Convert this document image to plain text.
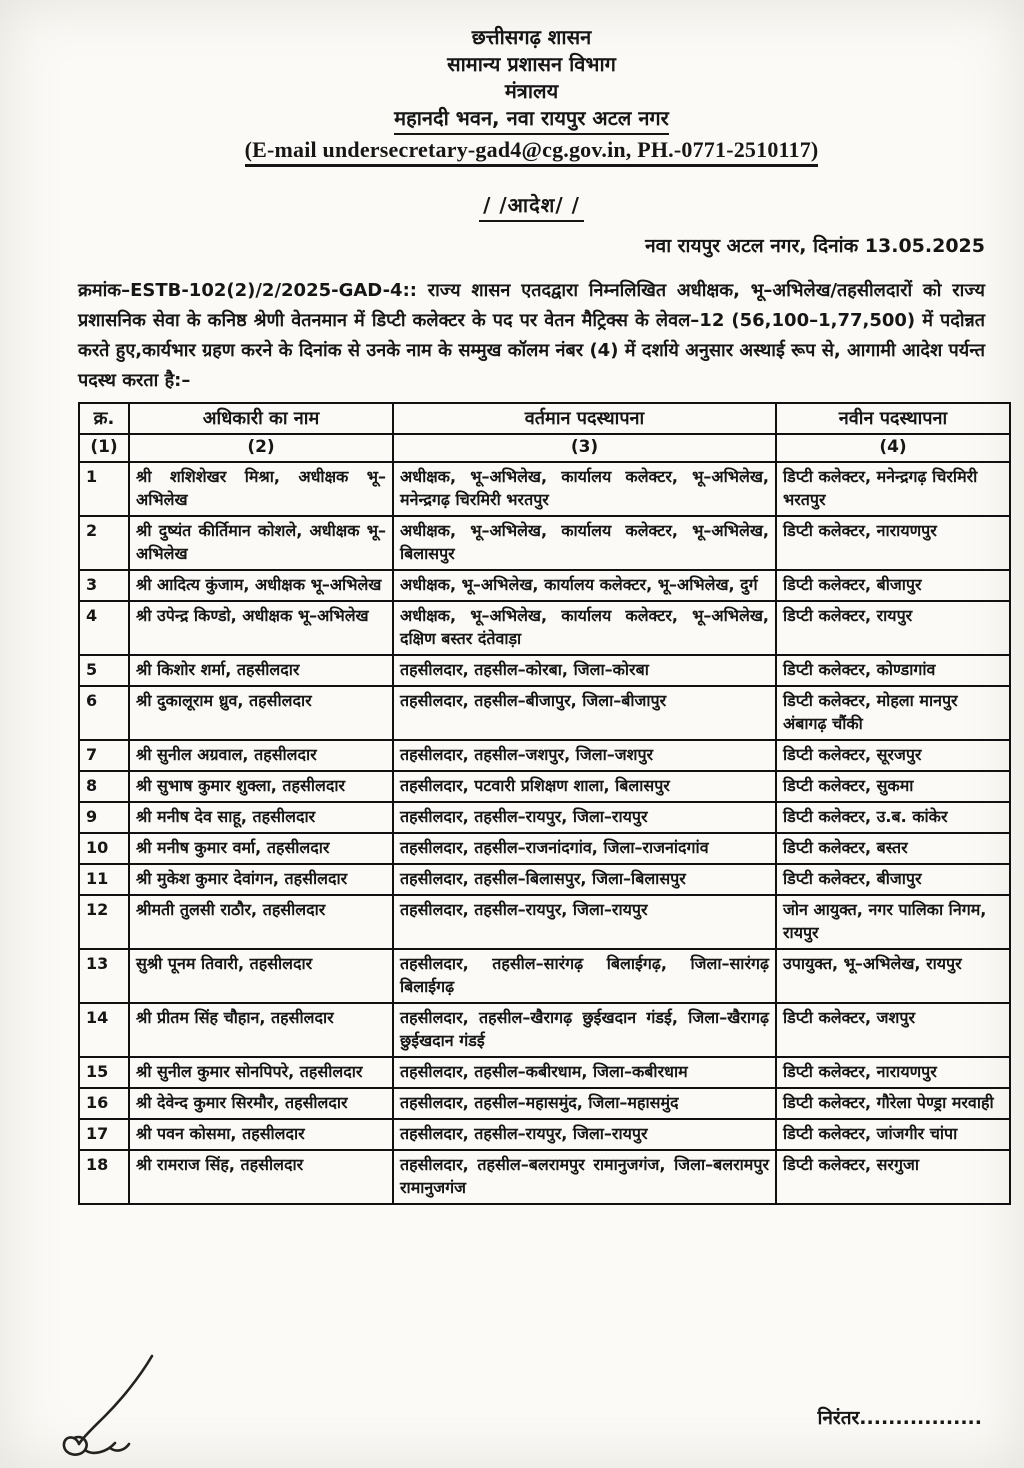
छत्तीसगढ़ शासन
सामान्य प्रशासन विभाग
मंत्रालय
महानदी भवन, नवा रायपुर अटल नगर
(E-mail undersecretary-gad4@cg.gov.in, PH.-0771-2510117)
/ /आदेश/ /
नवा रायपुर अटल नगर, दिनांक 13.05.2025
क्रमांक–ESTB-102(2)/2/2025-GAD-4:: राज्य शासन एतदद्वारा निम्नलिखित अधीक्षक, भू–अभिलेख/तहसीलदारों को राज्य प्रशासनिक सेवा के कनिष्ठ श्रेणी वेतनमान में डिप्टी कलेक्टर के पद पर वेतन मैट्रिक्स के लेवल–12 (56,100–1,77,500) में पदोन्नत करते हुए,कार्यभार ग्रहण करने के दिनांक से उनके नाम के सम्मुख कॉलम नंबर (4) में दर्शाये अनुसार अस्थाई रूप से, आगामी आदेश पर्यन्त पदस्थ करता है:–
क्र.	अधिकारी का नाम	वर्तमान पदस्थापना	नवीन पदस्थापना
(1)	(2)	(3)	(4)
1	श्री शशिशेखर मिश्रा, अधीक्षक भू–अभिलेख	अधीक्षक, भू–अभिलेख, कार्यालय कलेक्टर, भू–अभिलेख, मनेन्द्रगढ़ चिरमिरी भरतपुर	डिप्टी कलेक्टर, मनेन्द्रगढ़ चिरमिरी भरतपुर
2	श्री दुष्यंत कीर्तिमान कोशले, अधीक्षक भू–अभिलेख	अधीक्षक, भू–अभिलेख, कार्यालय कलेक्टर, भू–अभिलेख, बिलासपुर	डिप्टी कलेक्टर, नारायणपुर
3	श्री आदित्य कुंजाम, अधीक्षक भू–अभिलेख	अधीक्षक, भू–अभिलेख, कार्यालय कलेक्टर, भू–अभिलेख, दुर्ग	डिप्टी कलेक्टर, बीजापुर
4	श्री उपेन्द्र किण्डो, अधीक्षक भू–अभिलेख	अधीक्षक, भू–अभिलेख, कार्यालय कलेक्टर, भू–अभिलेख, दक्षिण बस्तर दंतेवाड़ा	डिप्टी कलेक्टर, रायपुर
5	श्री किशोर शर्मा, तहसीलदार	तहसीलदार, तहसील–कोरबा, जिला–कोरबा	डिप्टी कलेक्टर, कोण्डागांव
6	श्री दुकालूराम ध्रुव, तहसीलदार	तहसीलदार, तहसील–बीजापुर, जिला–बीजापुर	डिप्टी कलेक्टर, मोहला मानपुर अंबागढ़ चौंकी
7	श्री सुनील अग्रवाल, तहसीलदार	तहसीलदार, तहसील–जशपुर, जिला–जशपुर	डिप्टी कलेक्टर, सूरजपुर
8	श्री सुभाष कुमार शुक्ला, तहसीलदार	तहसीलदार, पटवारी प्रशिक्षण शाला, बिलासपुर	डिप्टी कलेक्टर, सुकमा
9	श्री मनीष देव साहू, तहसीलदार	तहसीलदार, तहसील–रायपुर, जिला–रायपुर	डिप्टी कलेक्टर, उ.ब. कांकेर
10	श्री मनीष कुमार वर्मा, तहसीलदार	तहसीलदार, तहसील–राजनांदगांव, जिला–राजनांदगांव	डिप्टी कलेक्टर, बस्तर
11	श्री मुकेश कुमार देवांगन, तहसीलदार	तहसीलदार, तहसील–बिलासपुर, जिला–बिलासपुर	डिप्टी कलेक्टर, बीजापुर
12	श्रीमती तुलसी राठौर, तहसीलदार	तहसीलदार, तहसील–रायपुर, जिला–रायपुर	जोन आयुक्त, नगर पालिका निगम, रायपुर
13	सुश्री पूनम तिवारी, तहसीलदार	तहसीलदार, तहसील–सारंगढ़ बिलाईगढ़, जिला–सारंगढ़ बिलाईगढ़	उपायुक्त, भू–अभिलेख, रायपुर
14	श्री प्रीतम सिंह चौहान, तहसीलदार	तहसीलदार, तहसील–खैरागढ़ छुईखदान गंडई, जिला–खैरागढ़ छुईखदान गंडई	डिप्टी कलेक्टर, जशपुर
15	श्री सुनील कुमार सोनपिपरे, तहसीलदार	तहसीलदार, तहसील–कबीरधाम, जिला–कबीरधाम	डिप्टी कलेक्टर, नारायणपुर
16	श्री देवेन्द कुमार सिरमौर, तहसीलदार	तहसीलदार, तहसील–महासमुंद, जिला–महासमुंद	डिप्टी कलेक्टर, गौरेला पेण्ड्रा मरवाही
17	श्री पवन कोसमा, तहसीलदार	तहसीलदार, तहसील–रायपुर, जिला–रायपुर	डिप्टी कलेक्टर, जांजगीर चांपा
18	श्री रामराज सिंह, तहसीलदार	तहसीलदार, तहसील–बलरामपुर रामानुजगंज, जिला–बलरामपुर रामानुजगंज	डिप्टी कलेक्टर, सरगुजा
निरंतर.................
